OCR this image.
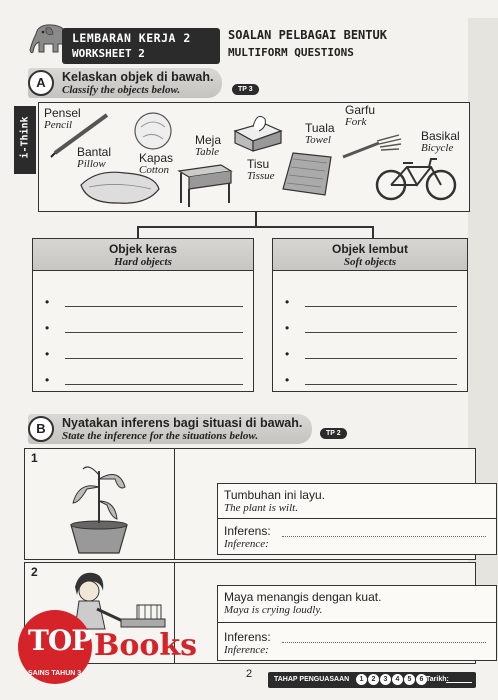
LEMBARAN KERJA 2
WORKSHEET 2
SOALAN PELBAGAI BENTUK
MULTIFORM QUESTIONS
A	Kelaskan objek di bawah.
Classify the objects below.	TP 3
i-Think
Pensel
Pencil
Bantal
Pillow	Kapas
Cotton
Meja
Table
Tisu
Tissue
Tuala
Towel
Garfu
Fork
Basikal
Bicycle
Objek keras
Hard objects
•
•
•
•
Objek lembut
Soft objects
•
•
•
•
B	Nyatakan inferens bagi situasi di bawah.
State the inference for the situations below.	TP 2
1
Tumbuhan ini layu.
The plant is wilt.
Inferens:
Inference:
2
Maya menangis dengan kuat.
Maya is crying loudly.
Inferens:
Inference:
TOP Books
SAINS TAHUN 3	2	TAHAP PENGUASAAN	1 2 3 4 5 6 Tarikh:
